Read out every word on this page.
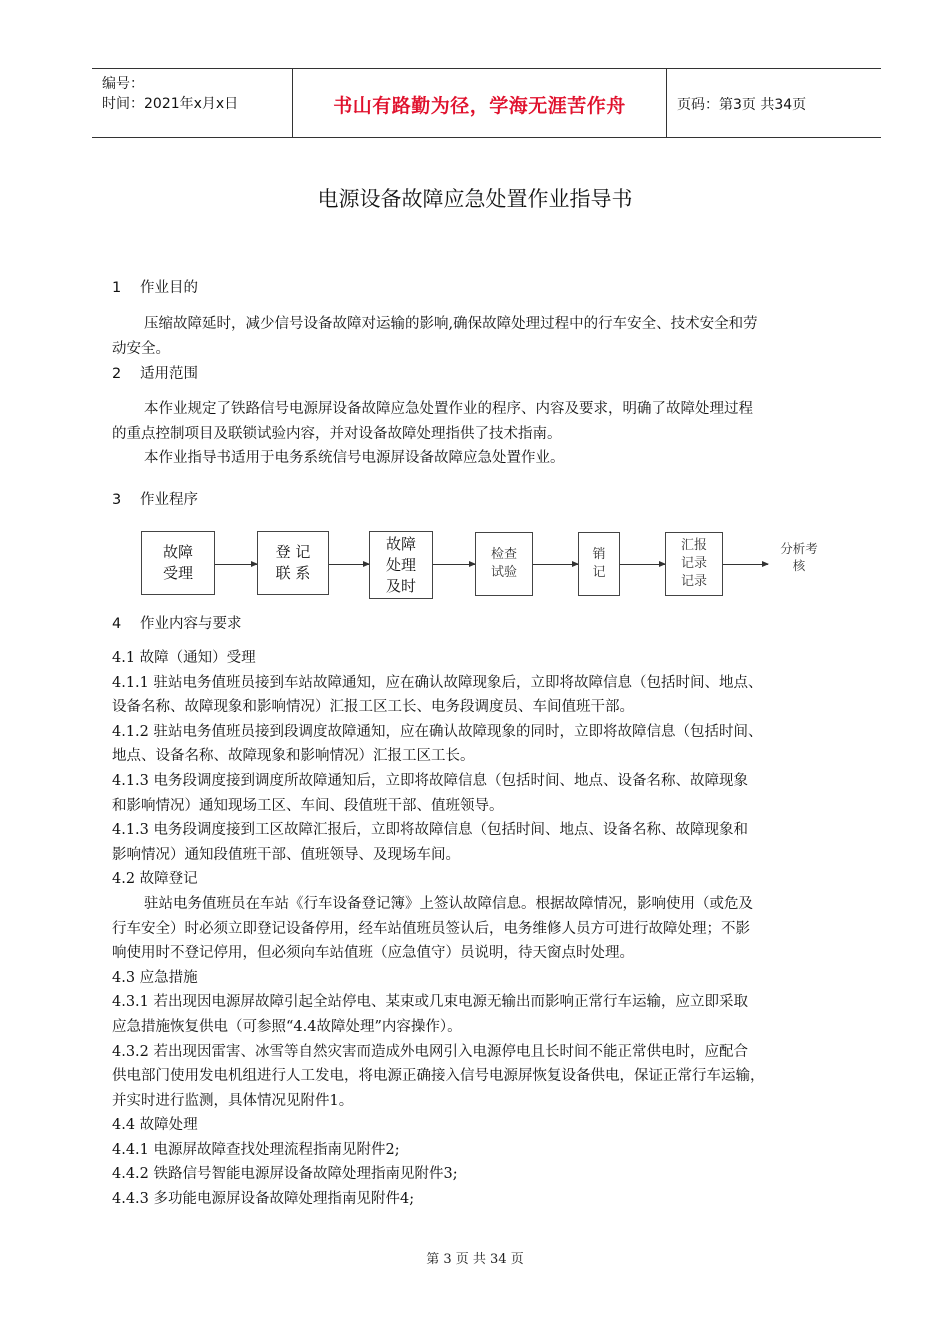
编号：
时间：2021年x月x日	书山有路勤为径，学海无涯苦作舟	页码：第3页 共34页
电源设备故障应急处置作业指导书
1 作业目的
压缩故障延时，减少信号设备故障对运输的影响,确保故障处理过程中的行车安全、技术安全和劳
动安全。
2 适用范围
本作业规定了铁路信号电源屏设备故障应急处置作业的程序、内容及要求，明确了故障处理过程
的重点控制项目及联锁试验内容，并对设备故障处理指供了技术指南。
本作业指导书适用于电务系统信号电源屏设备故障应急处置作业。
3 作业程序
故障
受理
登 记
联 系
故障
处理
及时
检查
试验
销
记
汇报
记录
记录
分析考
核
4 作业内容与要求
4.1 故障（通知）受理
4.1.1 驻站电务值班员接到车站故障通知，应在确认故障现象后，立即将故障信息（包括时间、地点、
设备名称、故障现象和影响情况）汇报工区工长、电务段调度员、车间值班干部。
4.1.2 驻站电务值班员接到段调度故障通知，应在确认故障现象的同时，立即将故障信息（包括时间、
地点、设备名称、故障现象和影响情况）汇报工区工长。
4.1.3 电务段调度接到调度所故障通知后，立即将故障信息（包括时间、地点、设备名称、故障现象
和影响情况）通知现场工区、车间、段值班干部、值班领导。
4.1.3 电务段调度接到工区故障汇报后，立即将故障信息（包括时间、地点、设备名称、故障现象和
影响情况）通知段值班干部、值班领导、及现场车间。
4.2 故障登记
驻站电务值班员在车站《行车设备登记簿》上签认故障信息。根据故障情况，影响使用（或危及
行车安全）时必须立即登记设备停用，经车站值班员签认后，电务维修人员方可进行故障处理；不影
响使用时不登记停用，但必须向车站值班（应急值守）员说明，待天窗点时处理。
4.3 应急措施
4.3.1 若出现因电源屏故障引起全站停电、某束或几束电源无输出而影响正常行车运输，应立即采取
应急措施恢复供电（可参照“4.4故障处理”内容操作）。
4.3.2 若出现因雷害、冰雪等自然灾害而造成外电网引入电源停电且长时间不能正常供电时，应配合
供电部门使用发电机组进行人工发电，将电源正确接入信号电源屏恢复设备供电，保证正常行车运输，
并实时进行监测，具体情况见附件1。
4.4 故障处理
4.4.1 电源屏故障查找处理流程指南见附件2;
4.4.2 铁路信号智能电源屏设备故障处理指南见附件3;
4.4.3 多功能电源屏设备故障处理指南见附件4;
第 3 页 共 34 页
